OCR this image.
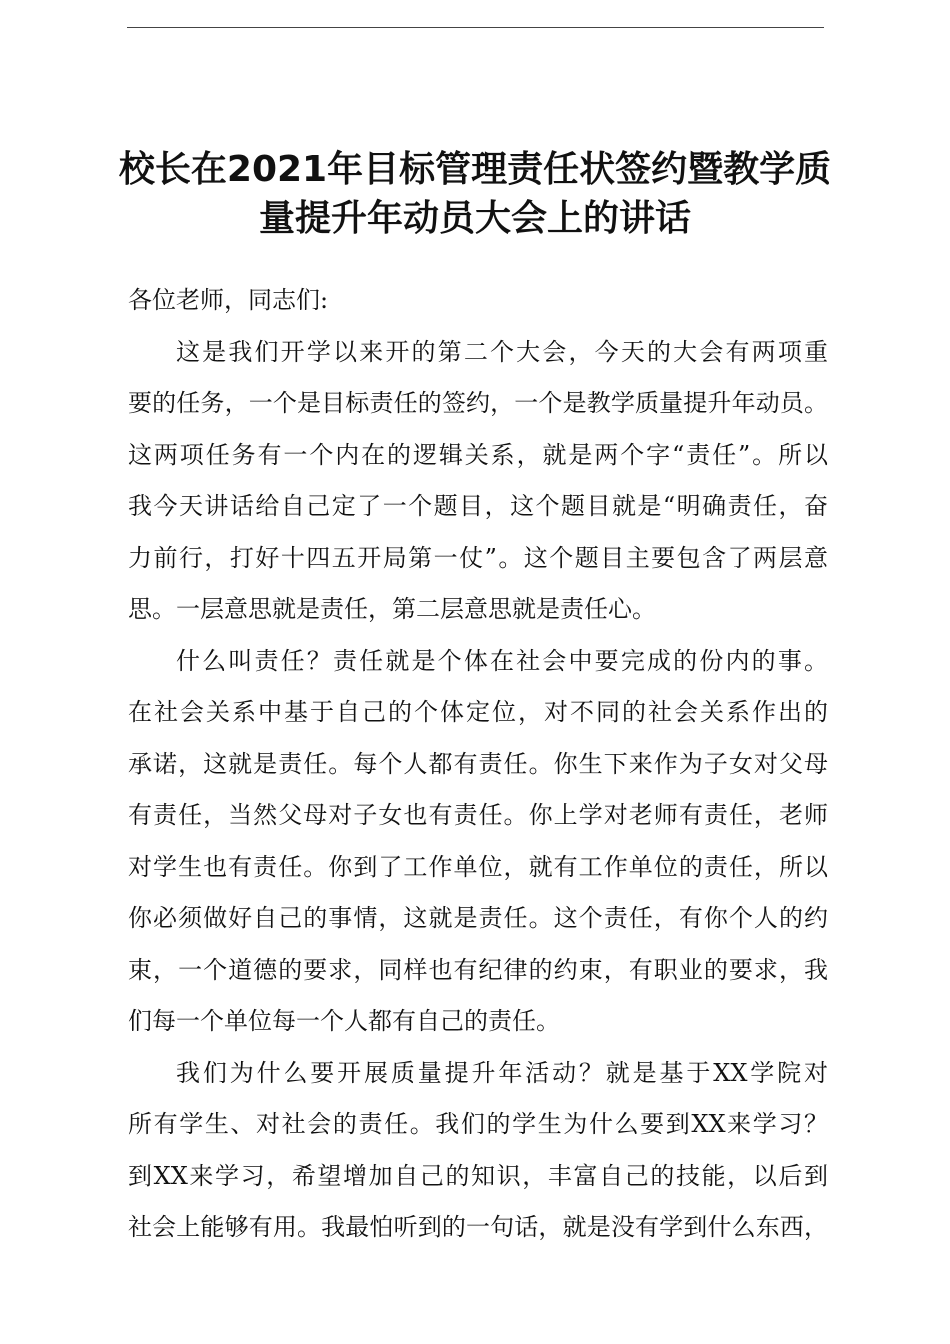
校长在2021年目标管理责任状签约暨教学质
量提升年动员大会上的讲话
各位老师，同志们:
这是我们开学以来开的第二个大会，今天的大会有两项重
要的任务，一个是目标责任的签约，一个是教学质量提升年动员。
这两项任务有一个内在的逻辑关系，就是两个字“责任”。所以
我今天讲话给自己定了一个题目，这个题目就是“明确责任，奋
力前行，打好十四五开局第一仗”。这个题目主要包含了两层意
思。一层意思就是责任，第二层意思就是责任心。
什么叫责任？责任就是个体在社会中要完成的份内的事。
在社会关系中基于自己的个体定位，对不同的社会关系作出的
承诺，这就是责任。每个人都有责任。你生下来作为子女对父母
有责任，当然父母对子女也有责任。你上学对老师有责任，老师
对学生也有责任。你到了工作单位，就有工作单位的责任，所以
你必须做好自己的事情，这就是责任。这个责任，有你个人的约
束，一个道德的要求，同样也有纪律的约束，有职业的要求，我
们每一个单位每一个人都有自己的责任。
我们为什么要开展质量提升年活动？就是基于XX学院对
所有学生、对社会的责任。我们的学生为什么要到XX来学习？
到XX来学习，希望增加自己的知识，丰富自己的技能，以后到
社会上能够有用。我最怕听到的一句话，就是没有学到什么东西，
